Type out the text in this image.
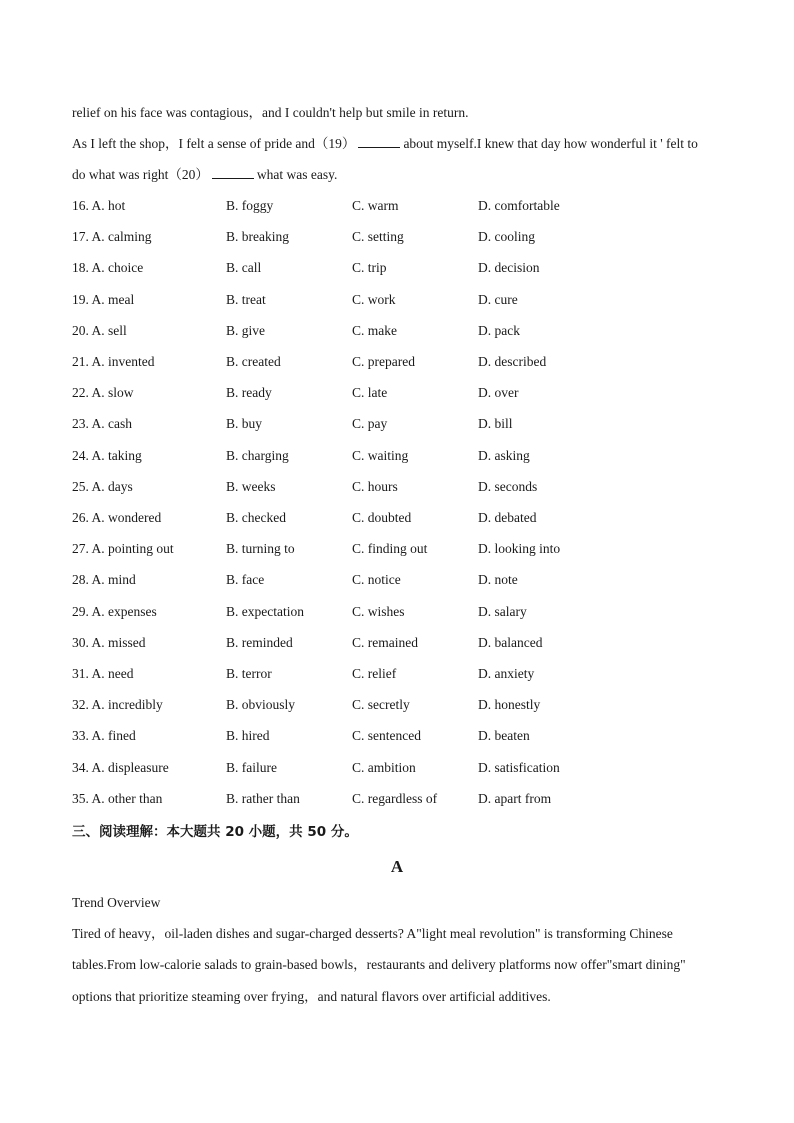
relief on his face was contagious，and I couldn't help but smile in return.
As I left the shop，I felt a sense of pride and（19）	about myself.I knew that day how wonderful it ' felt to
do what was right（20）	what was easy.
16. A. hot	B. foggy	C. warm	D. comfortable
17. A. calming	B. breaking	C. setting	D. cooling
18. A. choice	B. call	C. trip	D. decision
19. A. meal	B. treat	C. work	D. cure
20. A. sell	B. give	C. make	D. pack
21. A. invented	B. created	C. prepared	D. described
22. A. slow	B. ready	C. late	D. over
23. A. cash	B. buy	C. pay	D. bill
24. A. taking	B. charging	C. waiting	D. asking
25. A. days	B. weeks	C. hours	D. seconds
26. A. wondered	B. checked	C. doubted	D. debated
27. A. pointing out	B. turning to	C. finding out	D. looking into
28. A. mind	B. face	C. notice	D. note
29. A. expenses	B. expectation	C. wishes	D. salary
30. A. missed	B. reminded	C. remained	D. balanced
31. A. need	B. terror	C. relief	D. anxiety
32. A. incredibly	B. obviously	C. secretly	D. honestly
33. A. fined	B. hired	C. sentenced	D. beaten
34. A. displeasure	B. failure	C. ambition	D. satisfication
35. A. other than	B. rather than	C. regardless of	D. apart from
三、阅读理解：本大题共 20 小题，共 50 分。
A
Trend Overview
Tired of heavy，oil-laden dishes and sugar-charged desserts? A"light meal revolution" is transforming Chinese
tables.From low-calorie salads to grain-based bowls，restaurants and delivery platforms now offer"smart dining"
options that prioritize steaming over frying，and natural flavors over artificial additives.
